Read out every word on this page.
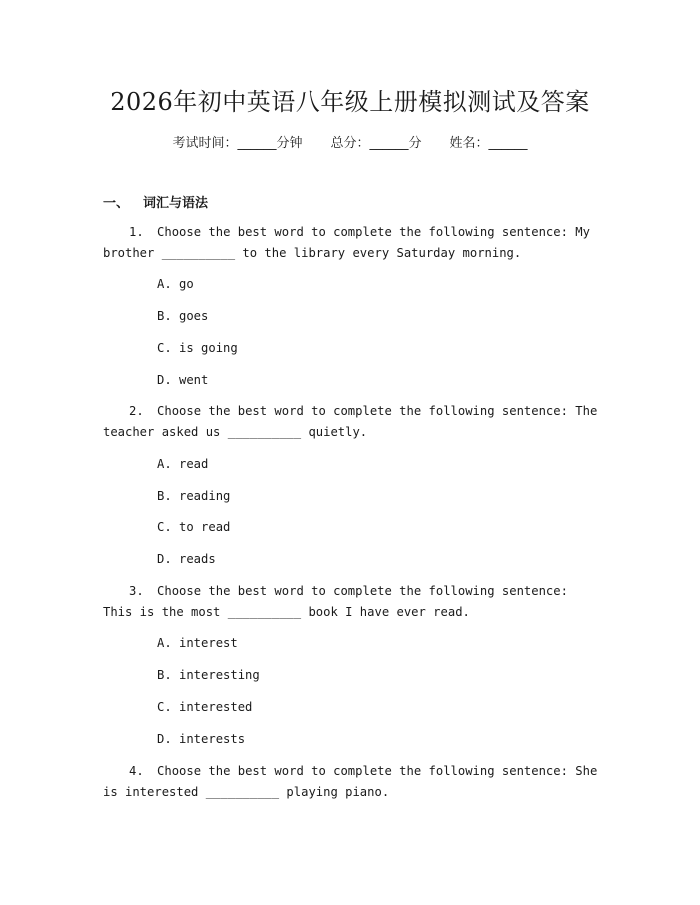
2026年初中英语八年级上册模拟测试及答案
考试时间：______分钟 总分：______分 姓名：______
一、 词汇与语法
1. Choose the best word to complete the following sentence: My brother __________ to the library every Saturday morning.
A. go
B. goes
C. is going
D. went
2. Choose the best word to complete the following sentence: The teacher asked us __________ quietly.
A. read
B. reading
C. to read
D. reads
3. Choose the best word to complete the following sentence: This is the most __________ book I have ever read.
A. interest
B. interesting
C. interested
D. interests
4. Choose the best word to complete the following sentence: She is interested __________ playing piano.
